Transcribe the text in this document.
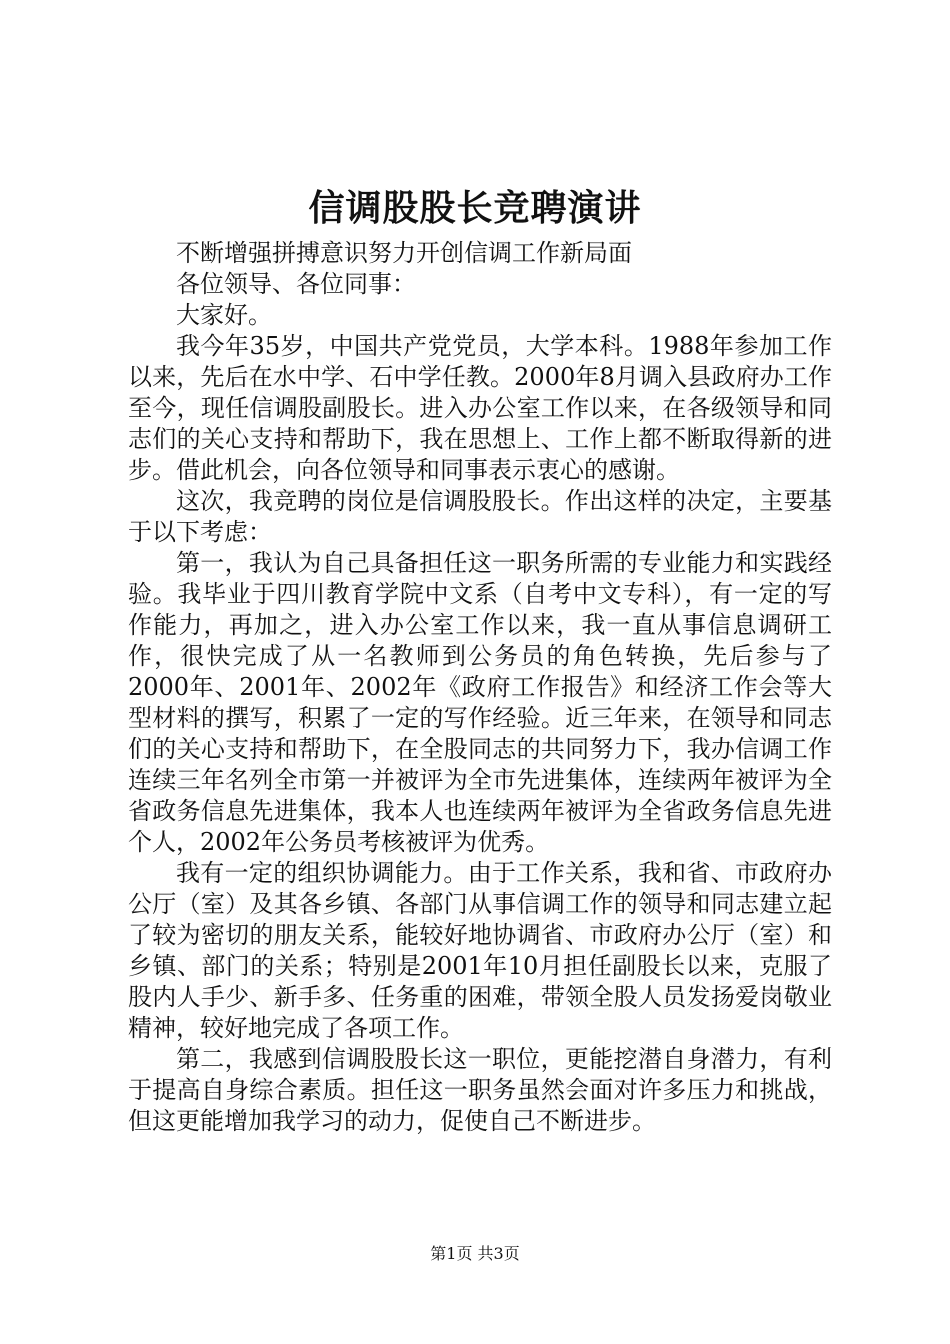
信调股股长竞聘演讲

不断增强拼搏意识努力开创信调工作新局面

各位领导、各位同事：

大家好。

我今年35岁，中国共产党党员，大学本科。1988年参加工作以来，先后在水中学、石中学任教。2000年8月调入县政府办工作至今，现任信调股副股长。进入办公室工作以来，在各级领导和同志们的关心支持和帮助下，我在思想上、工作上都不断取得新的进步。借此机会，向各位领导和同事表示衷心的感谢。

这次，我竞聘的岗位是信调股股长。作出这样的决定，主要基于以下考虑：

第一，我认为自己具备担任这一职务所需的专业能力和实践经验。我毕业于四川教育学院中文系（自考中文专科），有一定的写作能力，再加之，进入办公室工作以来，我一直从事信息调研工作，很快完成了从一名教师到公务员的角色转换，先后参与了2000年、2001年、2002年《政府工作报告》和经济工作会等大型材料的撰写，积累了一定的写作经验。近三年来，在领导和同志们的关心支持和帮助下，在全股同志的共同努力下，我办信调工作连续三年名列全市第一并被评为全市先进集体，连续两年被评为全省政务信息先进集体，我本人也连续两年被评为全省政务信息先进个人，2002年公务员考核被评为优秀。

我有一定的组织协调能力。由于工作关系，我和省、市政府办公厅（室）及其各乡镇、各部门从事信调工作的领导和同志建立起了较为密切的朋友关系，能较好地协调省、市政府办公厅（室）和乡镇、部门的关系；特别是2001年10月担任副股长以来，克服了股内人手少、新手多、任务重的困难，带领全股人员发扬爱岗敬业精神，较好地完成了各项工作。

第二，我感到信调股股长这一职位，更能挖潜自身潜力，有利于提高自身综合素质。担任这一职务虽然会面对许多压力和挑战，但这更能增加我学习的动力，促使自己不断进步。

第1页 共3页
